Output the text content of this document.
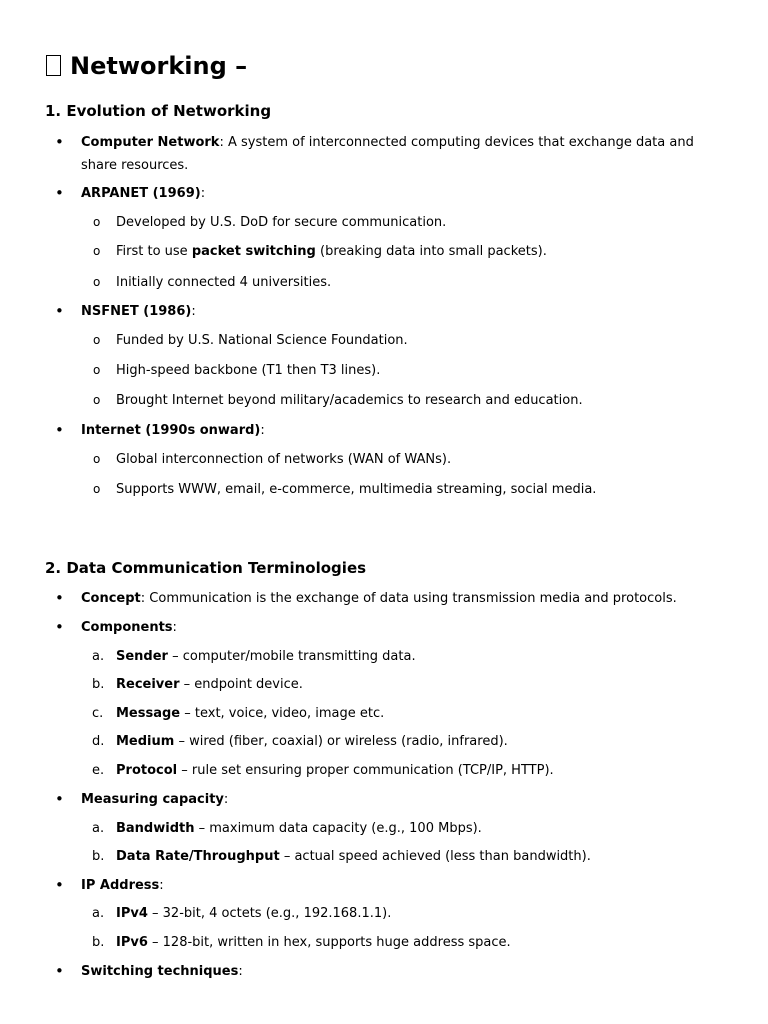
Networking –
1. Evolution of Networking
• Computer Network: A system of interconnected computing devices that exchange data and
share resources.
• ARPANET (1969):
o Developed by U.S. DoD for secure communication.
o First to use packet switching (breaking data into small packets).
o Initially connected 4 universities.
• NSFNET (1986):
o Funded by U.S. National Science Foundation.
o High-speed backbone (T1 then T3 lines).
o Brought Internet beyond military/academics to research and education.
• Internet (1990s onward):
o Global interconnection of networks (WAN of WANs).
o Supports WWW, email, e-commerce, multimedia streaming, social media.
2. Data Communication Terminologies
• Concept: Communication is the exchange of data using transmission media and protocols.
• Components:
a. Sender – computer/mobile transmitting data.
b. Receiver – endpoint device.
c. Message – text, voice, video, image etc.
d. Medium – wired (fiber, coaxial) or wireless (radio, infrared).
e. Protocol – rule set ensuring proper communication (TCP/IP, HTTP).
• Measuring capacity:
a. Bandwidth – maximum data capacity (e.g., 100 Mbps).
b. Data Rate/Throughput – actual speed achieved (less than bandwidth).
• IP Address:
a. IPv4 – 32-bit, 4 octets (e.g., 192.168.1.1).
b. IPv6 – 128-bit, written in hex, supports huge address space.
• Switching techniques:
